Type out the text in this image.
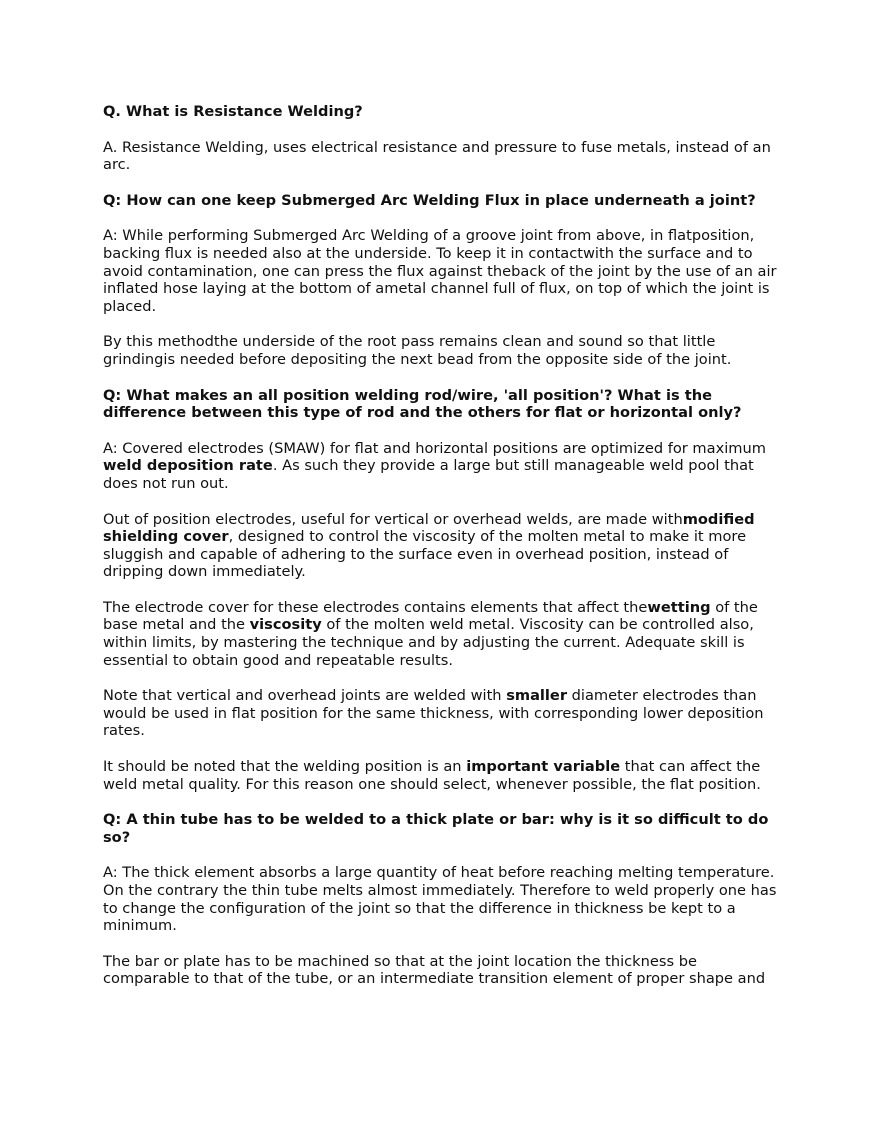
Q. What is Resistance Welding?

A. Resistance Welding, uses electrical resistance and pressure to fuse metals, instead of an arc.

Q: How can one keep Submerged Arc Welding Flux in place underneath a joint?

A: While performing Submerged Arc Welding of a groove joint from above, in flatposition, backing flux is needed also at the underside. To keep it in contactwith the surface and to avoid contamination, one can press the flux against theback of the joint by the use of an air inflated hose laying at the bottom of ametal channel full of flux, on top of which the joint is placed.

By this methodthe underside of the root pass remains clean and sound so that little grindingis needed before depositing the next bead from the opposite side of the joint.

Q: What makes an all position welding rod/wire, 'all position'? What is the difference between this type of rod and the others for flat or horizontal only?

A: Covered electrodes (SMAW) for flat and horizontal positions are optimized for maximum weld deposition rate. As such they provide a large but still manageable weld pool that does not run out.

Out of position electrodes, useful for vertical or overhead welds, are made withmodified shielding cover, designed to control the viscosity of the molten metal to make it more sluggish and capable of adhering to the surface even in overhead position, instead of dripping down immediately.

The electrode cover for these electrodes contains elements that affect thewetting of the base metal and the viscosity of the molten weld metal. Viscosity can be controlled also, within limits, by mastering the technique and by adjusting the current. Adequate skill is essential to obtain good and repeatable results.

Note that vertical and overhead joints are welded with smaller diameter electrodes than would be used in flat position for the same thickness, with corresponding lower deposition rates.

It should be noted that the welding position is an important variable that can affect the weld metal quality. For this reason one should select, whenever possible, the flat position.

Q: A thin tube has to be welded to a thick plate or bar: why is it so difficult to do so?

A: The thick element absorbs a large quantity of heat before reaching melting temperature. On the contrary the thin tube melts almost immediately. Therefore to weld properly one has to change the configuration of the joint so that the difference in thickness be kept to a minimum.

The bar or plate has to be machined so that at the joint location the thickness be comparable to that of the tube, or an intermediate transition element of proper shape and
